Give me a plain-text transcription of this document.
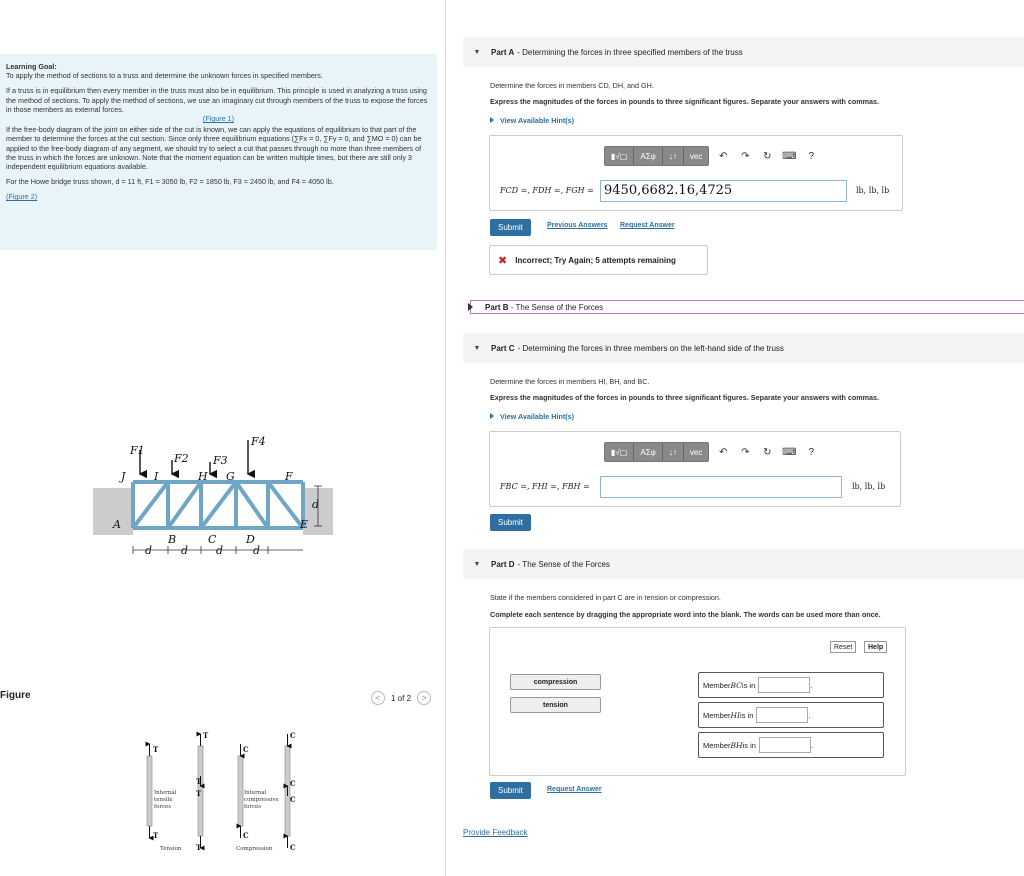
Learning Goal:

To apply the method of sections to a truss and determine the unknown forces in specified members.

If a truss is in equilibrium then every member in the truss must also be in equilibrium. This principle is used in analyzing a truss using the method of sections. To apply the method of sections, we use an imaginary cut through members of the truss to expose the forces in those members as external forces.

(Figure 1)

If the free-body diagram of the joint on either side of the cut is known, we can apply the equations of equilibrium to that part of the member to determine the forces at the cut section. Since only three equilibrium equations (∑Fx = 0, ∑Fy = 0, and ∑MO = 0) can be applied to the free-body diagram of any segment, we should try to select a cut that passes through no more than three members of the truss in which the forces are unknown. Note that the moment equation can be written multiple times, but there are still only 3 independent equilibrium equations available.

For the Howe bridge truss shown, d = 11 ft, F1 = 3050 lb, F2 = 1850 lb, F3 = 2450 lb, and F4 = 4050 lb.

(Figure 2)

F1
F2 F3
F4
J	I	H G	F
A
B	C	D
E
d
d	d	d	d
Figure	<	1 of 2	>
T
T
T
T
T
T
C
C
C
C
C
C
Internal
tensile
forces
Internal
compressive
forces
Tension	Compression
▼	Part A - Determining the forces in three specified members of the truss
Determine the forces in members CD, DH, and GH.
Express the magnitudes of the forces in pounds to three significant figures. Separate your answers with commas.
View Available Hint(s)
▮√▢	ΑΣφ	↓↑	vec	↶	↷	↻	⌨	?
FCD =, FDH =, FGH = 9450,6682.16,4725	lb, lb, lb
Submit	Previous Answers Request Answer
✖ Incorrect; Try Again; 5 attempts remaining
Part B
- The Sense of the Forces
▼	Part C - Determining the forces in three members on the left-hand side of the truss
Determine the forces in members HI, BH, and BC.
Express the magnitudes of the forces in pounds to three significant figures. Separate your answers with commas.
View Available Hint(s)
▮√▢	ΑΣφ	↓↑	vec	↶	↷	↻	⌨	?
FBC =, FHI =, FBH =	lb, lb, lb
Submit
▼	Part D - The Sense of the Forces
State if the members considered in part C are in tension or compression.
Complete each sentence by dragging the appropriate word into the blank. The words can be used more than once.
Reset	Help
compression
tension
Member BC is in	.
Member HI is in	.
Member BH is in	.
Submit	Request Answer
Provide Feedback
